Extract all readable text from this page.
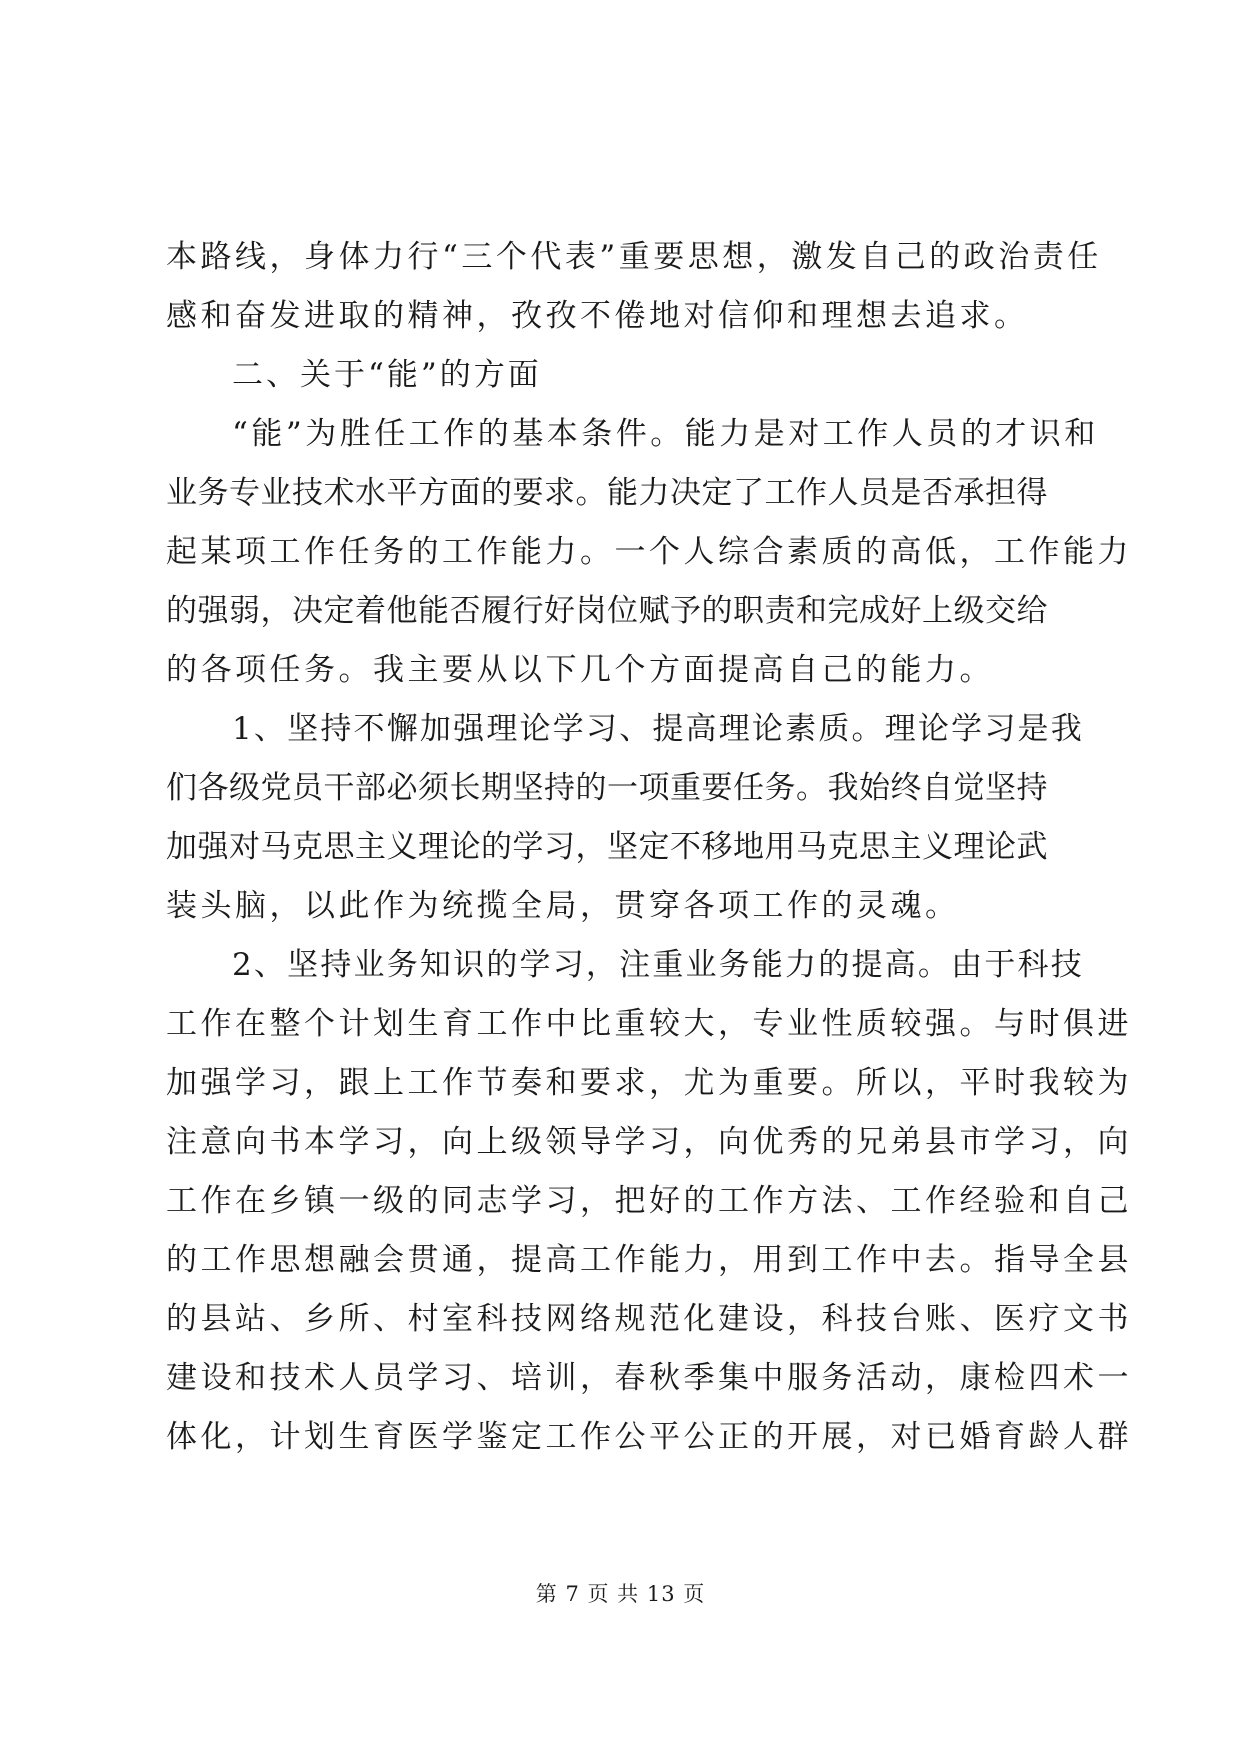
本路线，身体力行“三个代表”重要思想，激发自己的政治责任
感和奋发进取的精神，孜孜不倦地对信仰和理想去追求。
二、关于“能”的方面
“能”为胜任工作的基本条件。能力是对工作人员的才识和
业务专业技术水平方面的要求。能力决定了工作人员是否承担得
起某项工作任务的工作能力。一个人综合素质的高低，工作能力
的强弱，决定着他能否履行好岗位赋予的职责和完成好上级交给
的各项任务。我主要从以下几个方面提高自己的能力。
1、坚持不懈加强理论学习、提高理论素质。理论学习是我
们各级党员干部必须长期坚持的一项重要任务。我始终自觉坚持
加强对马克思主义理论的学习，坚定不移地用马克思主义理论武
装头脑，以此作为统揽全局，贯穿各项工作的灵魂。
2、坚持业务知识的学习，注重业务能力的提高。由于科技
工作在整个计划生育工作中比重较大，专业性质较强。与时俱进
加强学习，跟上工作节奏和要求，尤为重要。所以，平时我较为
注意向书本学习，向上级领导学习，向优秀的兄弟县市学习，向
工作在乡镇一级的同志学习，把好的工作方法、工作经验和自己
的工作思想融会贯通，提高工作能力，用到工作中去。指导全县
的县站、乡所、村室科技网络规范化建设，科技台账、医疗文书
建设和技术人员学习、培训，春秋季集中服务活动，康检四术一
体化，计划生育医学鉴定工作公平公正的开展，对已婚育龄人群
第 7 页 共 13 页
